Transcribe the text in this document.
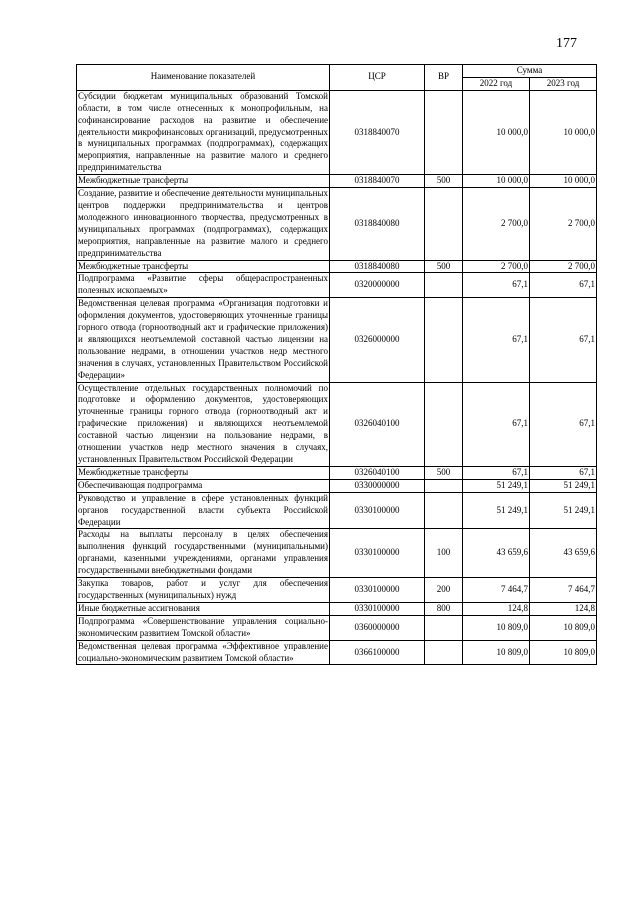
177
Наименование показателей	ЦСР	ВР	Сумма	
			2022 год	2023 год
Субсидии бюджетам муниципальных образований Томской области, в том числе отнесенных к монопрофильным, на софинансирование расходов на развитие и обеспечение деятельности микрофинансовых организаций, предусмотренных в муниципальных программах (подпрограммах), содержащих мероприятия, направленные на развитие малого и среднего предпринимательства	0318840070		10 000,0	10 000,0
Межбюджетные трансферты	0318840070	500	10 000,0	10 000,0
Создание, развитие и обеспечение деятельности муниципальных центров поддержки предпринимательства и центров молодежного инновационного творчества, предусмотренных в муниципальных программах (подпрограммах), содержащих мероприятия, направленные на развитие малого и среднего предпринимательства	0318840080		2 700,0	2 700,0
Межбюджетные трансферты	0318840080	500	2 700,0	2 700,0
Подпрограмма «Развитие сферы общераспространенных полезных ископаемых»	0320000000		67,1	67,1
Ведомственная целевая программа «Организация подготовки и оформления документов, удостоверяющих уточненные границы горного отвода (горноотводный акт и графические приложения) и являющихся неотъемлемой составной частью лицензии на пользование недрами, в отношении участков недр местного значения в случаях, установленных Правительством Российской Федерации»	0326000000		67,1	67,1
Осуществление отдельных государственных полномочий по подготовке и оформлению документов, удостоверяющих уточненные границы горного отвода (горноотводный акт и графические приложения) и являющихся неотъемлемой составной частью лицензии на пользование недрами, в отношении участков недр местного значения в случаях, установленных Правительством Российской Федерации	0326040100		67,1	67,1
Межбюджетные трансферты	0326040100	500	67,1	67,1
Обеспечивающая подпрограмма	0330000000		51 249,1	51 249,1
Руководство и управление в сфере установленных функций органов государственной власти субъекта Российской Федерации	0330100000		51 249,1	51 249,1
Расходы на выплаты персоналу в целях обеспечения выполнения функций государственными (муниципальными) органами, казенными учреждениями, органами управления государственными внебюджетными фондами	0330100000	100	43 659,6	43 659,6
Закупка товаров, работ и услуг для обеспечения государственных (муниципальных) нужд	0330100000	200	7 464,7	7 464,7
Иные бюджетные ассигнования	0330100000	800	124,8	124,8
Подпрограмма «Совершенствование управления социально-экономическим развитием Томской области»	0360000000		10 809,0	10 809,0
Ведомственная целевая программа «Эффективное управление социально-экономическим развитием Томской области»	0366100000		10 809,0	10 809,0
